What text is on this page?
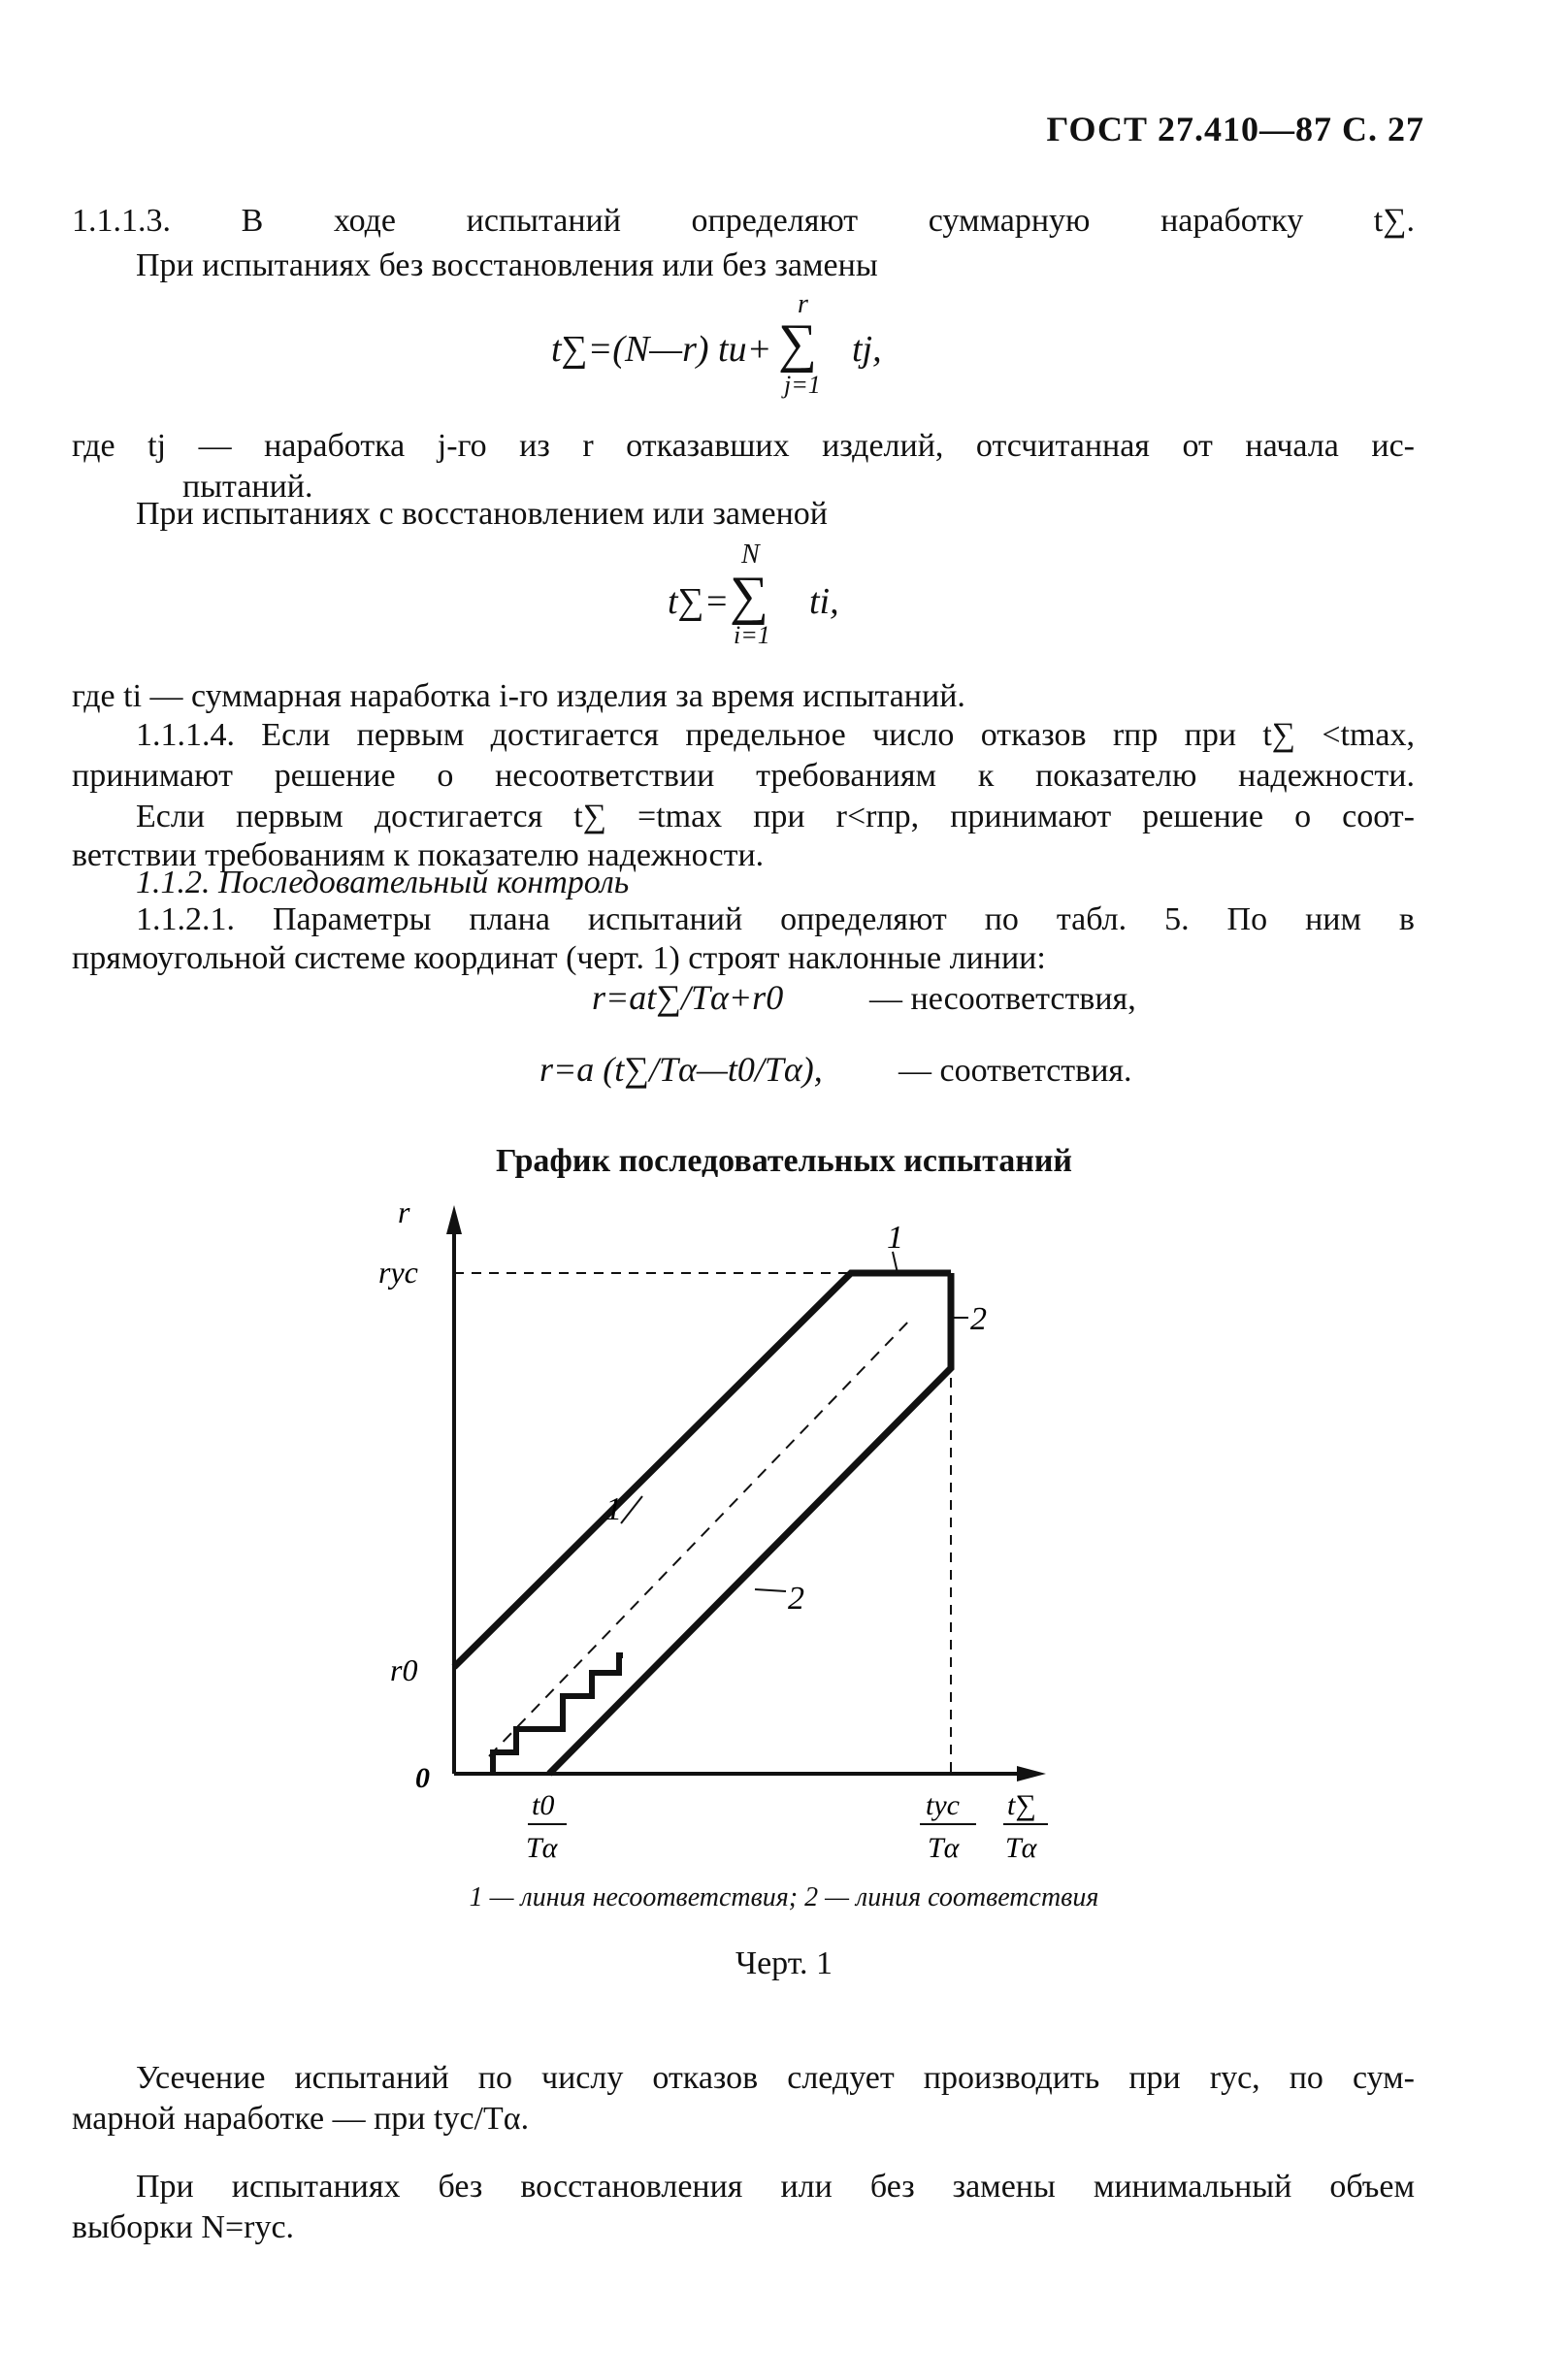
ГОСТ 27.410—87 С. 27
1.1.1.3. В ходе испытаний определяют суммарную наработку t∑.
При испытаниях без восстановления или без замены
t∑=(N—r) tи+
r
∑
j=1
tj,
где tj — наработка j-го из r отказавших изделий, отсчитанная от начала ис-
пытаний.
При испытаниях с восстановлением или заменой
t∑=
N
∑
i=1
ti,
где ti — суммарная наработка i-го изделия за время испытаний.
1.1.1.4. Если первым достигается предельное число отказов rпр при t∑ <tmax,
принимают решение о несоответствии требованиям к показателю надежности.
Если первым достигается t∑ =tmax при r<rпр, принимают решение о соот-
ветствии требованиям к показателю надежности.
1.1.2. Последовательный контроль
1.1.2.1. Параметры плана испытаний определяют по табл. 5. По ним в
прямоугольной системе координат (черт. 1) строят наклонные линии:
r=at∑/Tα+r0	— несоответствия,
r=a (t∑/Tα—t0/Tα), — соответствия.
График последовательных испытаний
r
rус
r0
0
t0
Tα
tус
Tα
t∑
Tα
1
2
1
2
1 — линия несоответствия; 2 — линия соответствия
Черт. 1
Усечение испытаний по числу отказов следует производить при rус, по сум-
марной наработке — при tус/Tα.
При испытаниях без восстановления или без замены минимальный объем
выборки N=rус.
